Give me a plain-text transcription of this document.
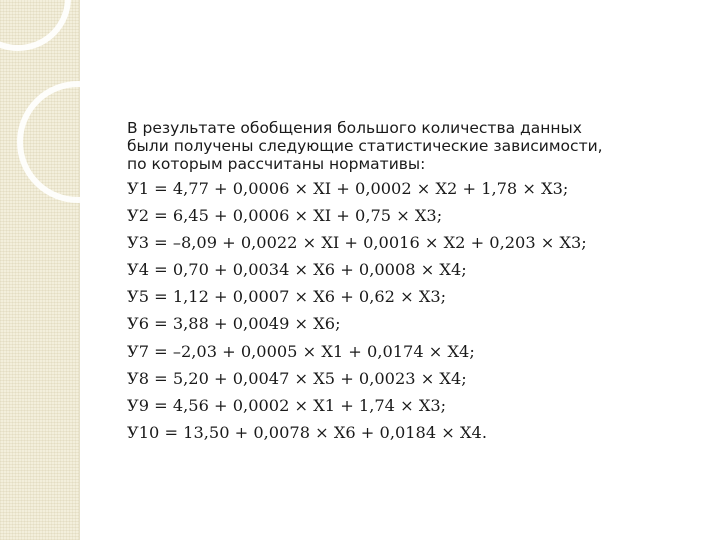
В результате обобщения большого количества данных
были получены следующие статистические зависимости,
по которым рассчитаны нормативы:

У1 = 4,77 + 0,0006 × XI + 0,0002 × X2 + 1,78 × X3;
У2 = 6,45 + 0,0006 × XI + 0,75 × X3;
У3 = –8,09 + 0,0022 × XI + 0,0016 × X2 + 0,203 × X3;
У4 = 0,70 + 0,0034 × X6 + 0,0008 × X4;
У5 = 1,12 + 0,0007 × X6 + 0,62 × X3;
У6 = 3,88 + 0,0049 × X6;
У7 = –2,03 + 0,0005 × X1 + 0,0174 × X4;
У8 = 5,20 + 0,0047 × X5 + 0,0023 × X4;
У9 = 4,56 + 0,0002 × X1 + 1,74 × X3;
У10 = 13,50 + 0,0078 × X6 + 0,0184 × X4.
